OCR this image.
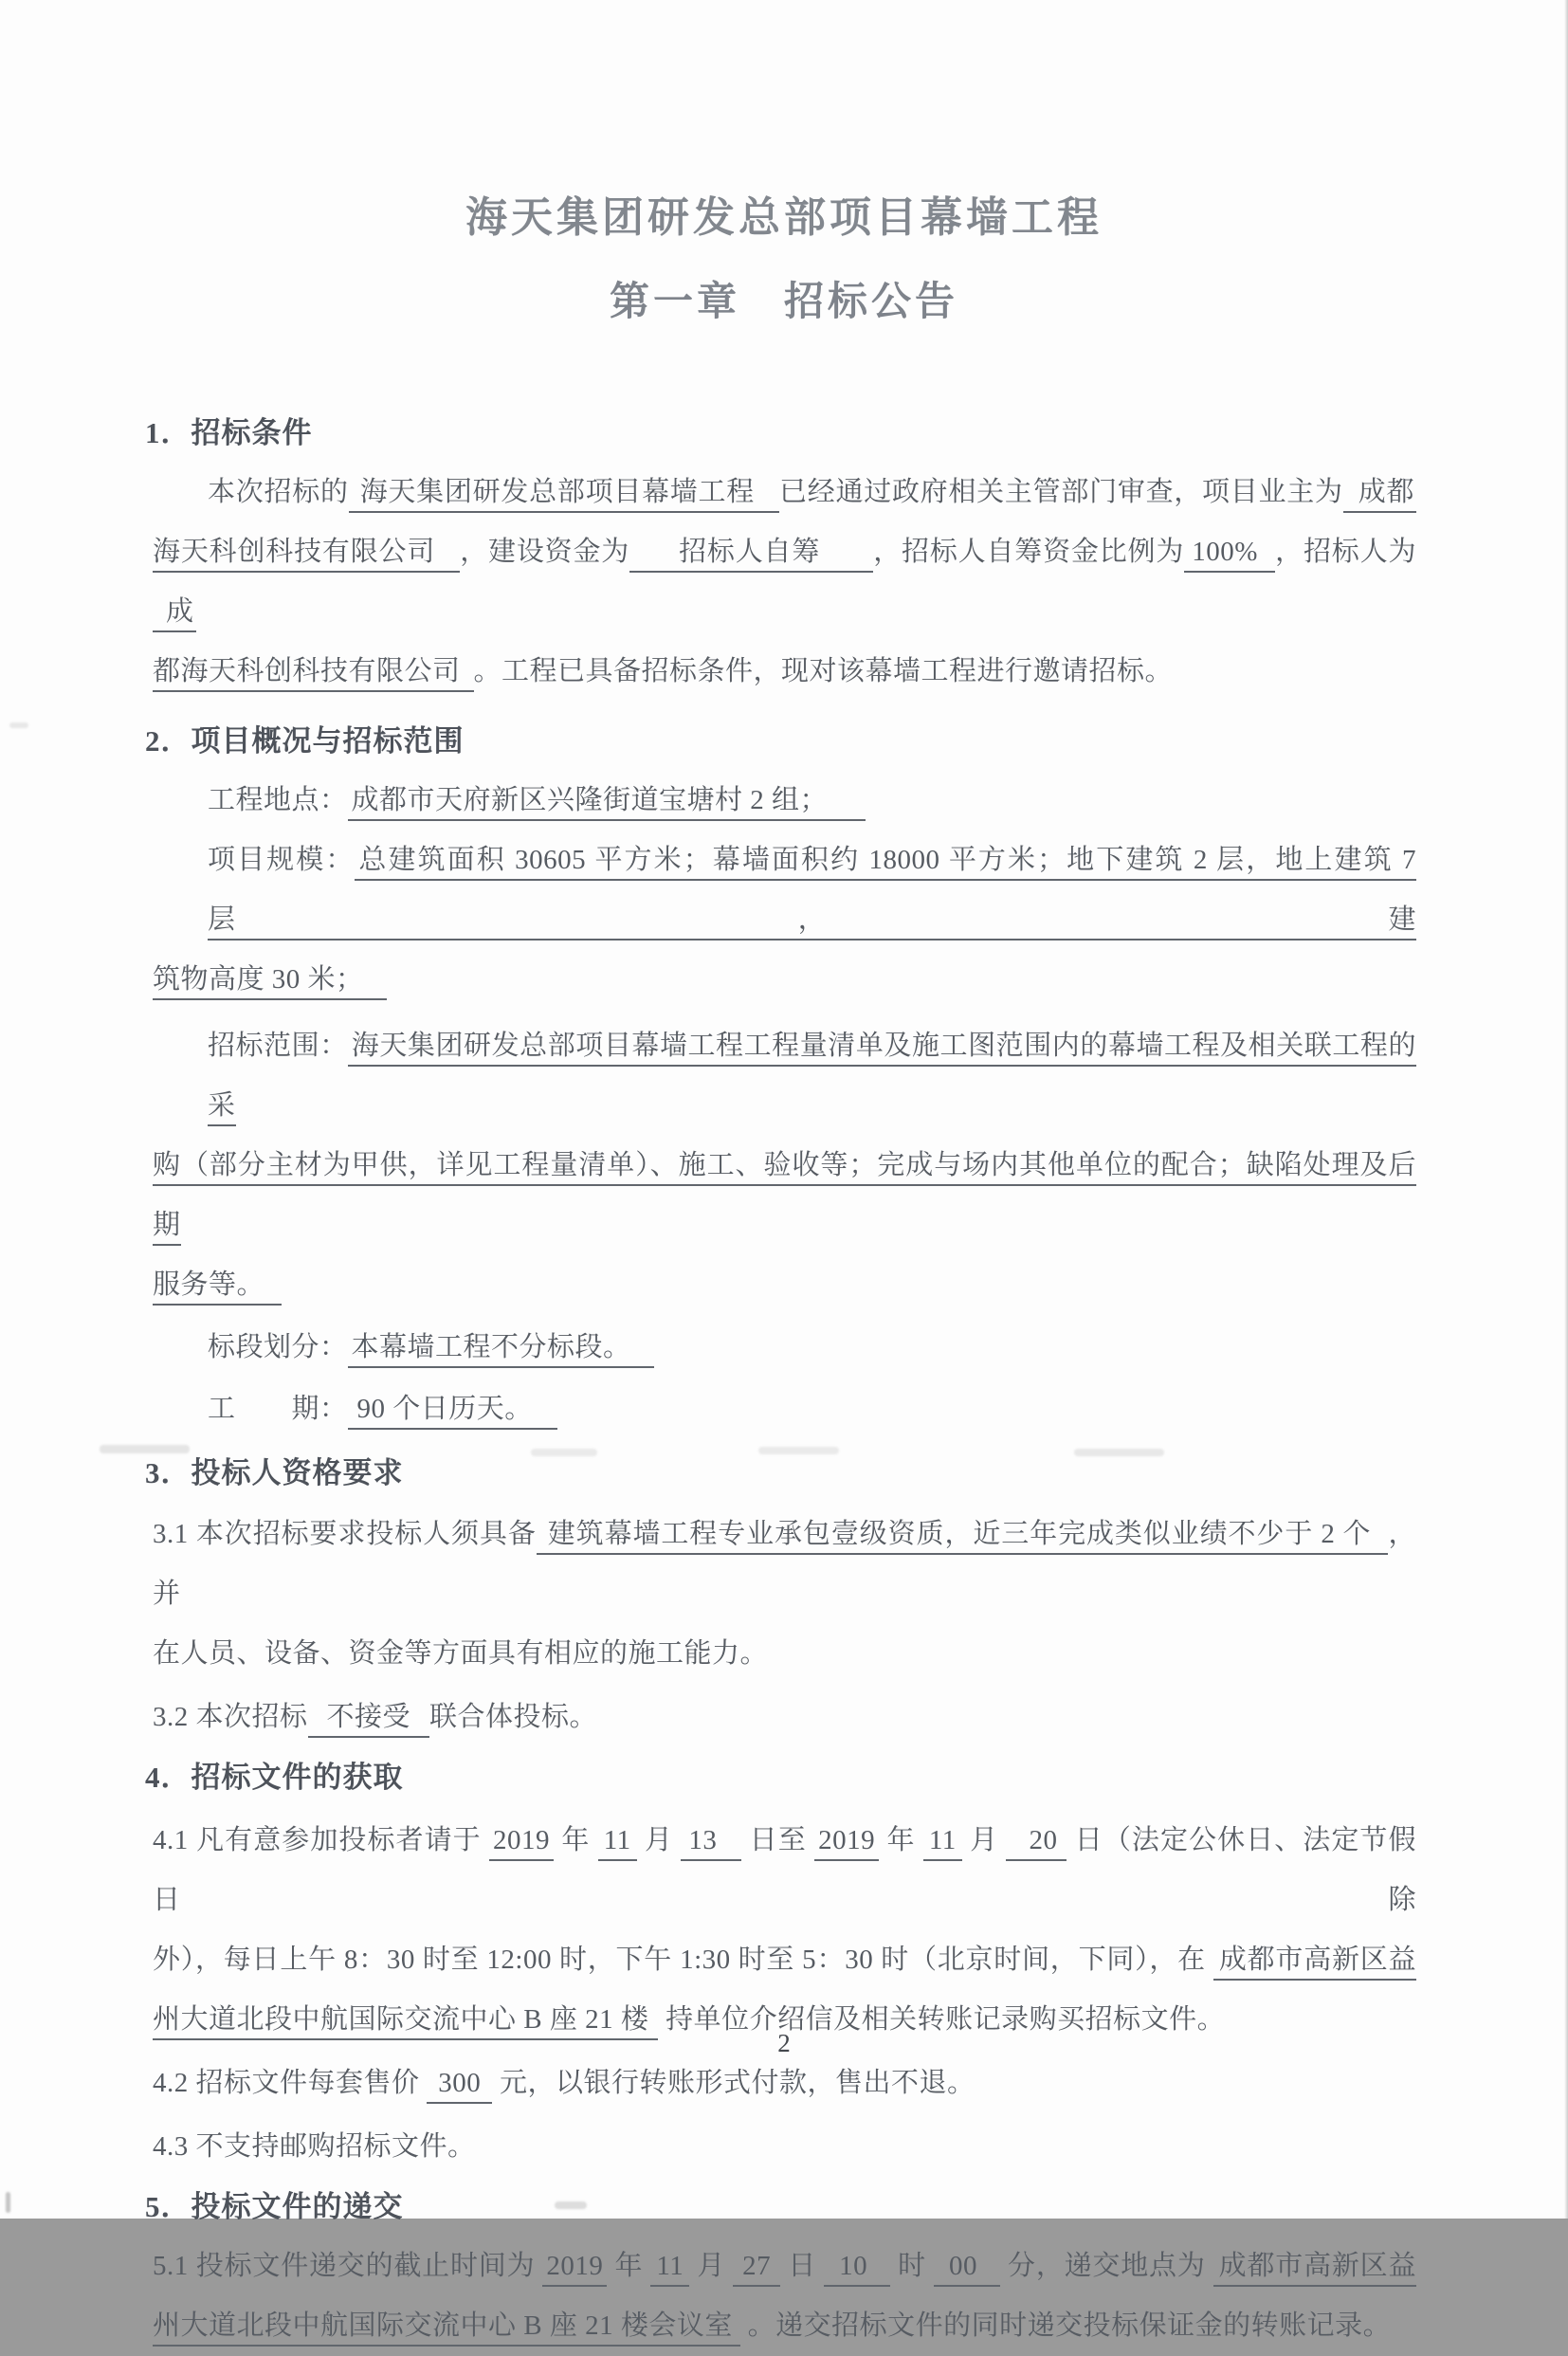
海天集团研发总部项目幕墙工程
第一章　招标公告
1．招标条件
本次招标的 海天集团研发总部项目幕墙工程 已经通过政府相关主管部门审查，项目业主为 成都
海天科创科技有限公司 ，建设资金为 招标人自筹 ，招标人自筹资金比例为 100% ，招标人为成
都海天科创科技有限公司 。工程已具备招标条件，现对该幕墙工程进行邀请招标。
2．项目概况与招标范围
工程地点： 成都市天府新区兴隆街道宝塘村 2 组；
项目规模： 总建筑面积 30605 平方米；幕墙面积约 18000 平方米；地下建筑 2 层，地上建筑 7 层，建
筑物高度 30 米；
招标范围： 海天集团研发总部项目幕墙工程工程量清单及施工图范围内的幕墙工程及相关联工程的采
购（部分主材为甲供，详见工程量清单）、施工、验收等；完成与场内其他单位的配合；缺陷处理及后期
服务等。
标段划分： 本幕墙工程不分标段。
工　　期： 90 个日历天。
3．投标人资格要求
3.1 本次招标要求投标人须具备 建筑幕墙工程专业承包壹级资质，近三年完成类似业绩不少于 2 个 ，并
在人员、设备、资金等方面具有相应的施工能力。
3.2 本次招标 不接受 联合体投标。
4．招标文件的获取
4.1 凡有意参加投标者请于 2019 年 11 月 13 日至 2019 年 11 月 20 日（法定公休日、法定节假日除
外），每日上午 8：30 时至 12:00 时，下午 1:30 时至 5：30 时（北京时间，下同），在 成都市高新区益
州大道北段中航国际交流中心 B 座 21 楼 持单位介绍信及相关转账记录购买招标文件。
4.2 招标文件每套售价 300 元，以银行转账形式付款，售出不退。
4.3 不支持邮购招标文件。
5．投标文件的递交
5.1 投标文件递交的截止时间为 2019 年 11 月 27 日 10 时 00 分，递交地点为 成都市高新区益
州大道北段中航国际交流中心 B 座 21 楼会议室 。递交招标文件的同时递交投标保证金的转账记录。
2
